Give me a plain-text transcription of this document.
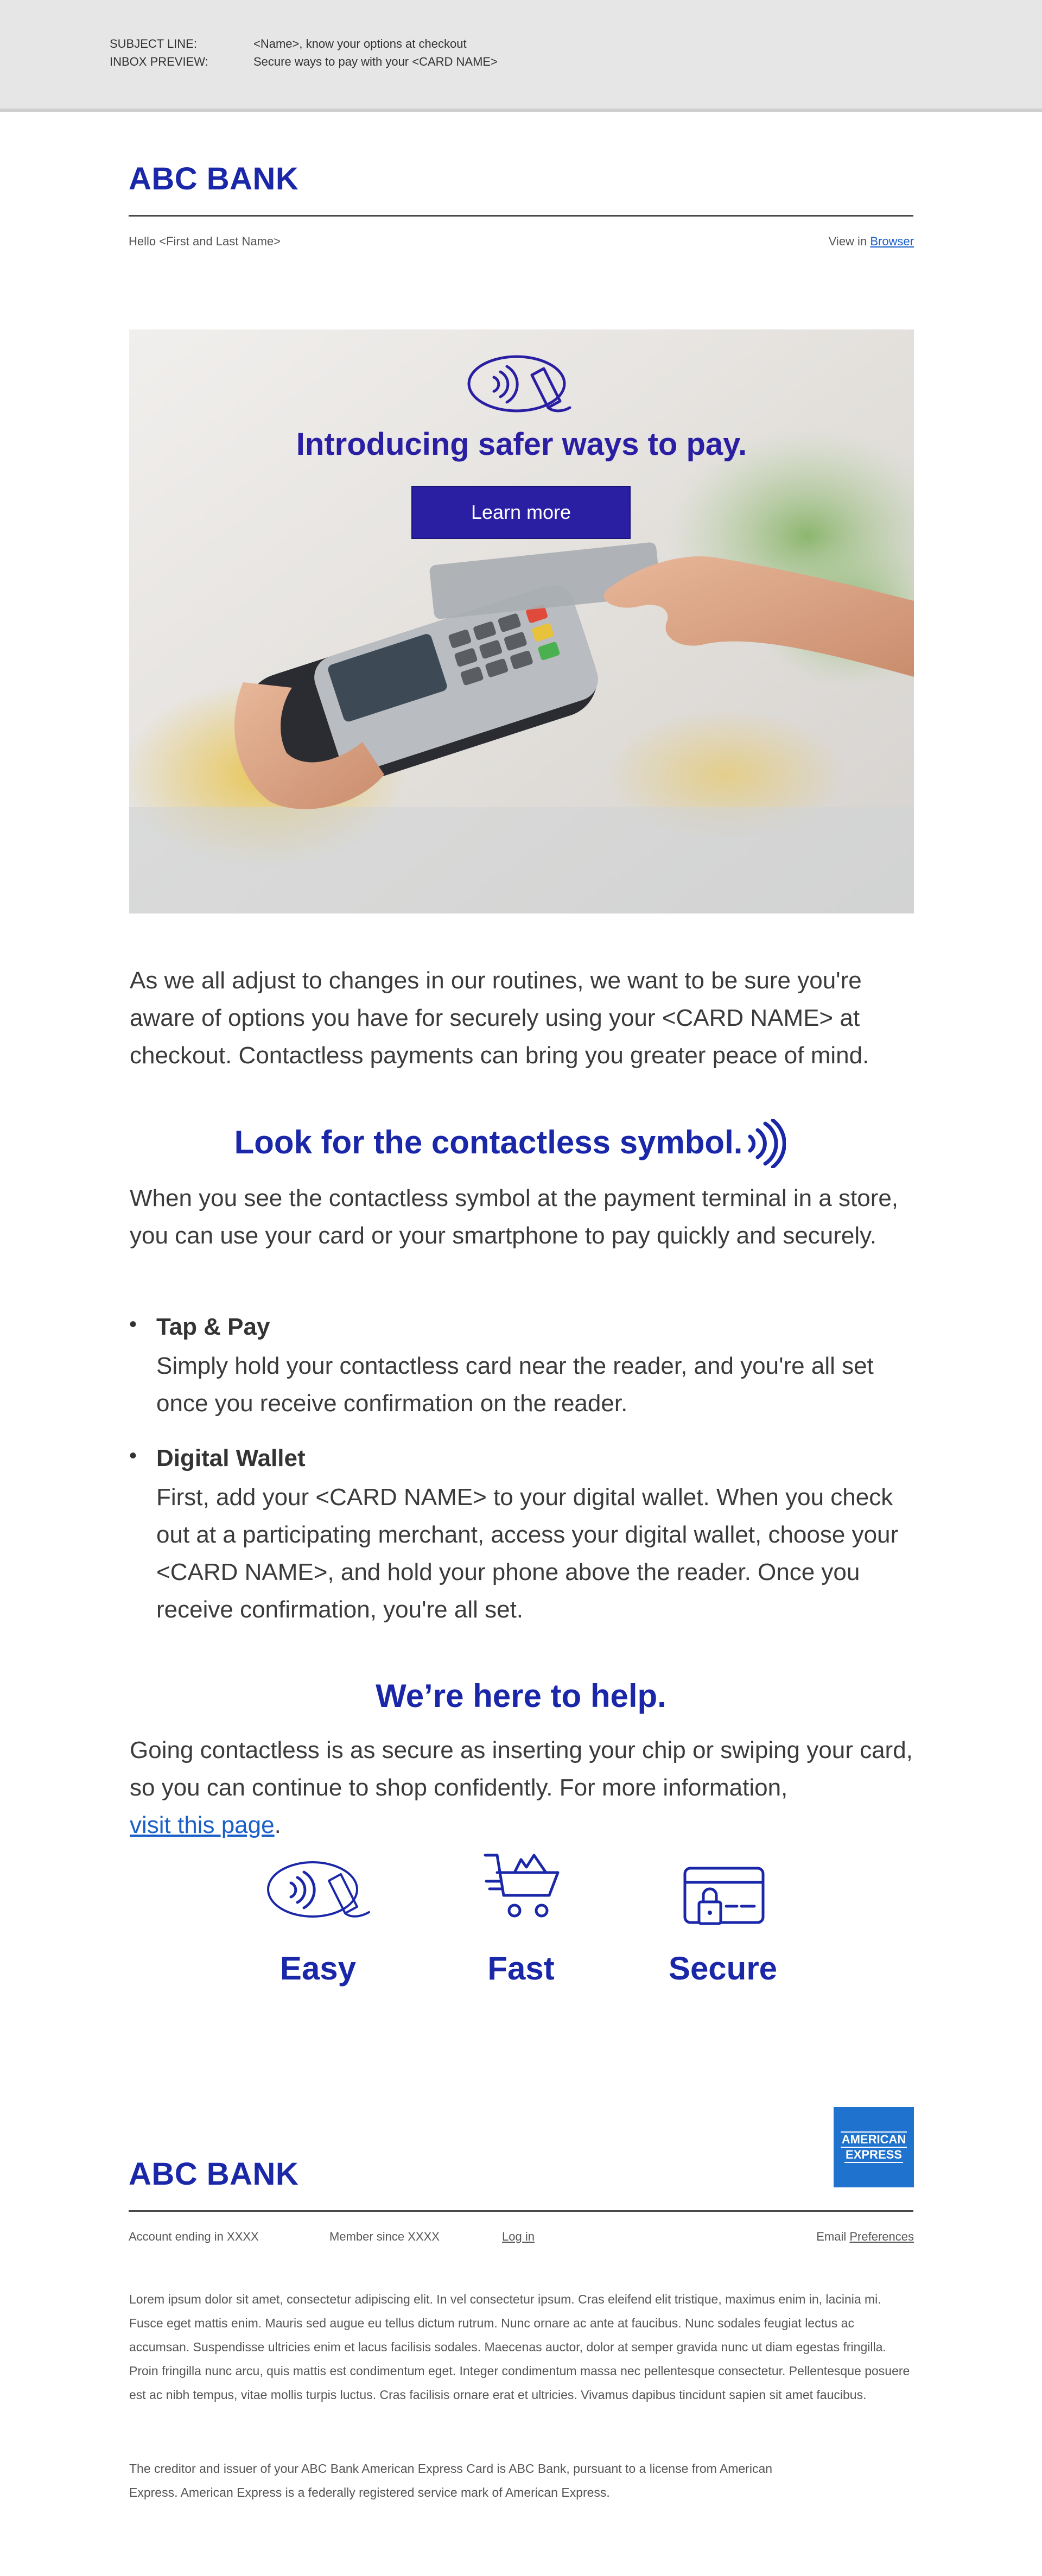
SUBJECT LINE:	<Name>, know your options at checkout
INBOX PREVIEW:	Secure ways to pay with your <CARD NAME>
ABC BANK
Hello <First and Last Name>	View in Browser
Introducing safer ways to pay.
Learn more
As we all adjust to changes in our routines, we want to be sure you're aware of options you have for securely using your <CARD NAME> at checkout. Contactless payments can bring you greater peace of mind.
Look for the contactless symbol.
When you see the contactless symbol at the payment terminal in a store, you can use your card or your smartphone to pay quickly and securely.
• Tap & Pay
Simply hold your contactless card near the reader, and you're all set once you receive confirmation on the reader.
• Digital Wallet
First, add your <CARD NAME> to your digital wallet. When you check out at a participating merchant, access your digital wallet, choose your <CARD NAME>, and hold your phone above the reader. Once you receive confirmation, you're all set.
We’re here to help.
Going contactless is as secure as inserting your chip or swiping your card, so you can continue to shop confidently. For more information,
visit this page.
Easy	Fast	Secure
AMERICAN
EXPRESS
ABC BANK
Account ending in XXXX	Member since XXXX	Log in	Email Preferences
Lorem ipsum dolor sit amet, consectetur adipiscing elit. In vel consectetur ipsum. Cras eleifend elit tristique, maximus enim in, lacinia mi. Fusce eget mattis enim. Mauris sed augue eu tellus dictum rutrum. Nunc ornare ac ante at faucibus. Nunc sodales feugiat lectus ac accumsan. Suspendisse ultricies enim et lacus facilisis sodales. Maecenas auctor, dolor at semper gravida nunc ut diam egestas fringilla. Proin fringilla nunc arcu, quis mattis est condimentum eget. Integer condimentum massa nec pellentesque consectetur. Pellentesque posuere est ac nibh tempus, vitae mollis turpis luctus. Cras facilisis ornare erat et ultricies. Vivamus dapibus tincidunt sapien sit amet faucibus.
The creditor and issuer of your ABC Bank American Express Card is ABC Bank, pursuant to a license from American Express. American Express is a federally registered service mark of American Express.
